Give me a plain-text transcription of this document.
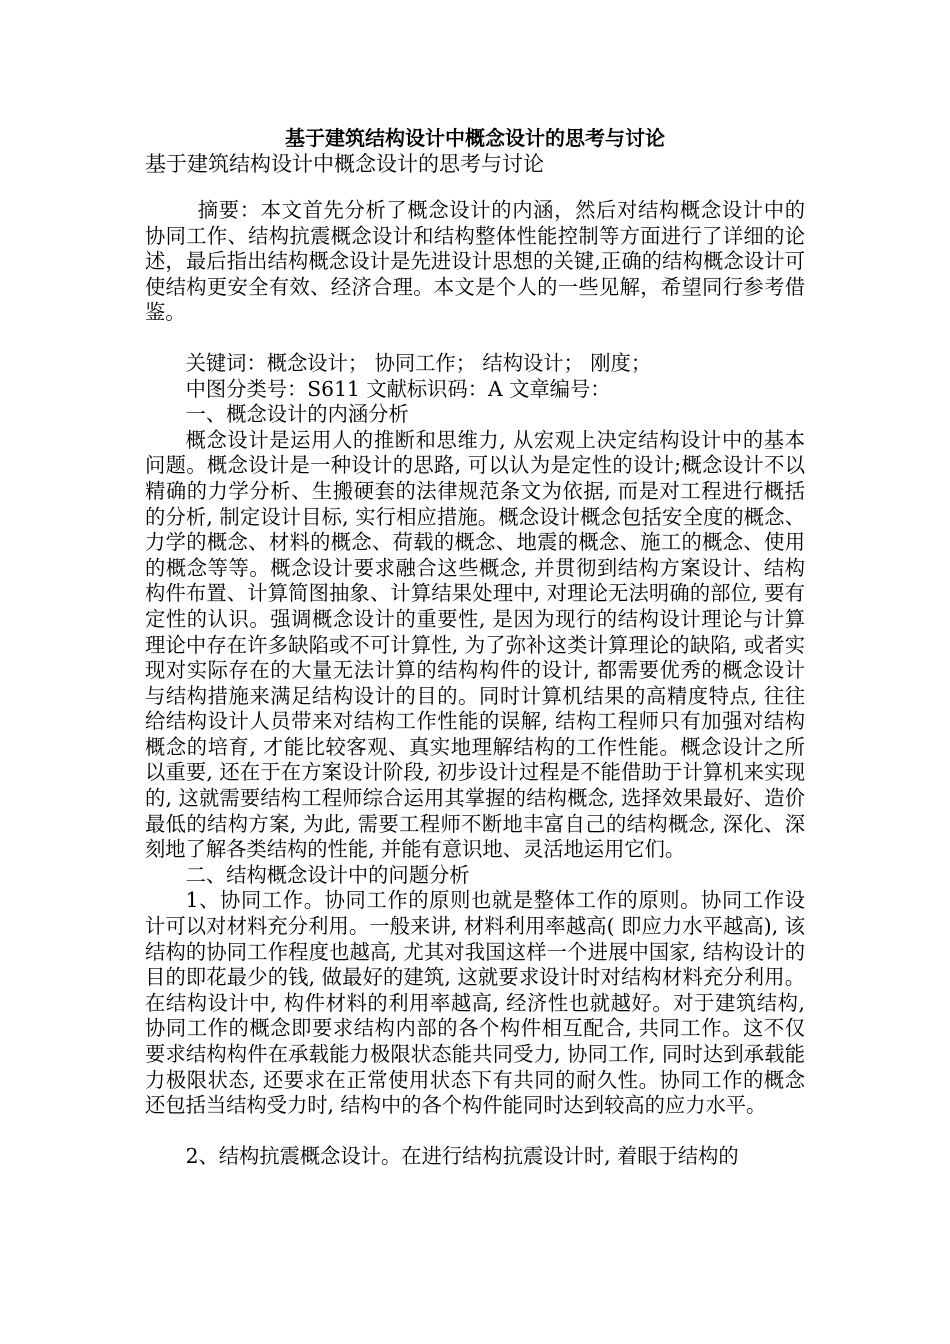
基于建筑结构设计中概念设计的思考与讨论
基于建筑结构设计中概念设计的思考与讨论

摘要：本文首先分析了概念设计的内涵，然后对结构概念设计中的协同工作、结构抗震概念设计和结构整体性能控制等方面进行了详细的论述，最后指出结构概念设计是先进设计思想的关键,正确的结构概念设计可使结构更安全有效、经济合理。本文是个人的一些见解，希望同行参考借鉴。

关键词：概念设计； 协同工作； 结构设计； 刚度；

中图分类号：S611 文献标识码：A 文章编号：

一、概念设计的内涵分析

概念设计是运用人的推断和思维力, 从宏观上决定结构设计中的基本问题。概念设计是一种设计的思路, 可以认为是定性的设计;概念设计不以精确的力学分析、生搬硬套的法律规范条文为依据, 而是对工程进行概括的分析, 制定设计目标, 实行相应措施。概念设计概念包括安全度的概念、力学的概念、材料的概念、荷载的概念、地震的概念、施工的概念、使用的概念等等。概念设计要求融合这些概念, 并贯彻到结构方案设计、结构构件布置、计算简图抽象、计算结果处理中, 对理论无法明确的部位, 要有定性的认识。强调概念设计的重要性, 是因为现行的结构设计理论与计算理论中存在许多缺陷或不可计算性, 为了弥补这类计算理论的缺陷, 或者实现对实际存在的大量无法计算的结构构件的设计, 都需要优秀的概念设计与结构措施来满足结构设计的目的。同时计算机结果的高精度特点, 往往给结构设计人员带来对结构工作性能的误解, 结构工程师只有加强对结构概念的培育, 才能比较客观、真实地理解结构的工作性能。概念设计之所以重要, 还在于在方案设计阶段, 初步设计过程是不能借助于计算机来实现的, 这就需要结构工程师综合运用其掌握的结构概念, 选择效果最好、造价最低的结构方案, 为此, 需要工程师不断地丰富自己的结构概念, 深化、深刻地了解各类结构的性能, 并能有意识地、灵活地运用它们。

二、结构概念设计中的问题分析

1、协同工作。协同工作的原则也就是整体工作的原则。协同工作设计可以对材料充分利用。一般来讲, 材料利用率越高( 即应力水平越高), 该结构的协同工作程度也越高, 尤其对我国这样一个进展中国家, 结构设计的目的即花最少的钱, 做最好的建筑, 这就要求设计时对结构材料充分利用。在结构设计中, 构件材料的利用率越高, 经济性也就越好。对于建筑结构, 协同工作的概念即要求结构内部的各个构件相互配合, 共同工作。这不仅要求结构构件在承载能力极限状态能共同受力, 协同工作, 同时达到承载能力极限状态, 还要求在正常使用状态下有共同的耐久性。协同工作的概念还包括当结构受力时, 结构中的各个构件能同时达到较高的应力水平。

2、结构抗震概念设计。在进行结构抗震设计时, 着眼于结构的
